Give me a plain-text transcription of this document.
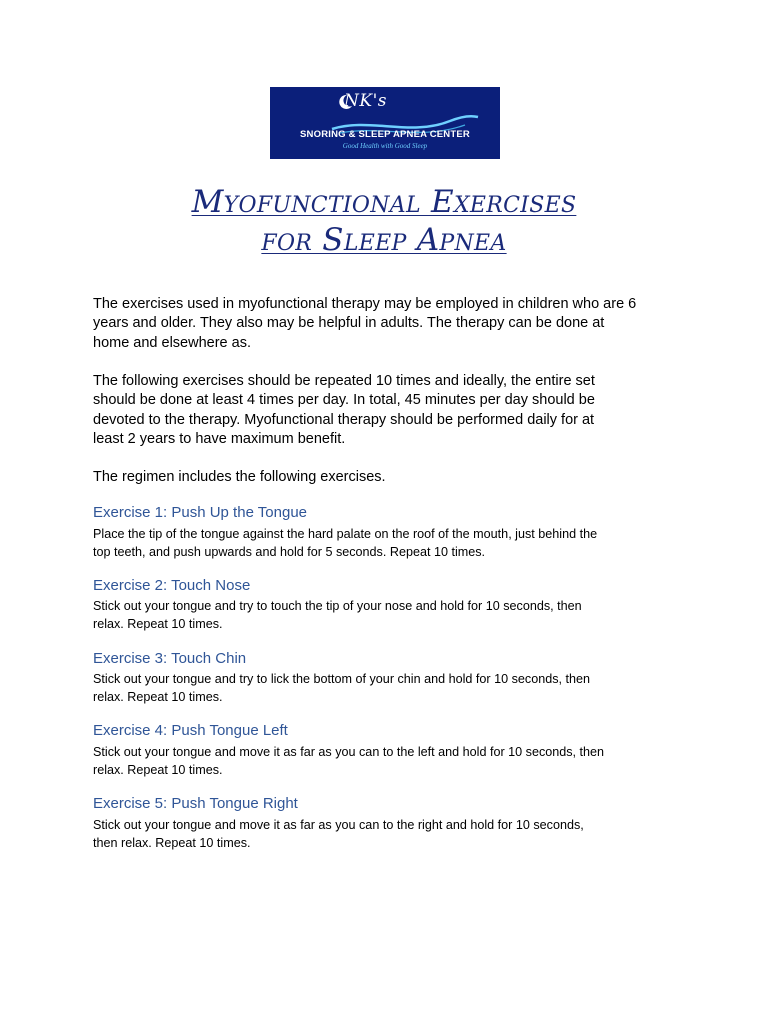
NK's
SNORING & SLEEP APNEA CENTER
Good Health with Good Sleep
Myofunctional Exercises
for Sleep Apnea
The exercises used in myofunctional therapy may be employed in children who are 6
years and older. They also may be helpful in adults. The therapy can be done at
home and elsewhere as.
The following exercises should be repeated 10 times and ideally, the entire set
should be done at least 4 times per day. In total, 45 minutes per day should be
devoted to the therapy. Myofunctional therapy should be performed daily for at
least 2 years to have maximum benefit.
The regimen includes the following exercises.
Exercise 1: Push Up the Tongue
Place the tip of the tongue against the hard palate on the roof of the mouth, just behind the
top teeth, and push upwards and hold for 5 seconds. Repeat 10 times.
Exercise 2: Touch Nose
Stick out your tongue and try to touch the tip of your nose and hold for 10 seconds, then
relax. Repeat 10 times.
Exercise 3: Touch Chin
Stick out your tongue and try to lick the bottom of your chin and hold for 10 seconds, then
relax. Repeat 10 times.
Exercise 4: Push Tongue Left
Stick out your tongue and move it as far as you can to the left and hold for 10 seconds, then
relax. Repeat 10 times.
Exercise 5: Push Tongue Right
Stick out your tongue and move it as far as you can to the right and hold for 10 seconds,
then relax. Repeat 10 times.
